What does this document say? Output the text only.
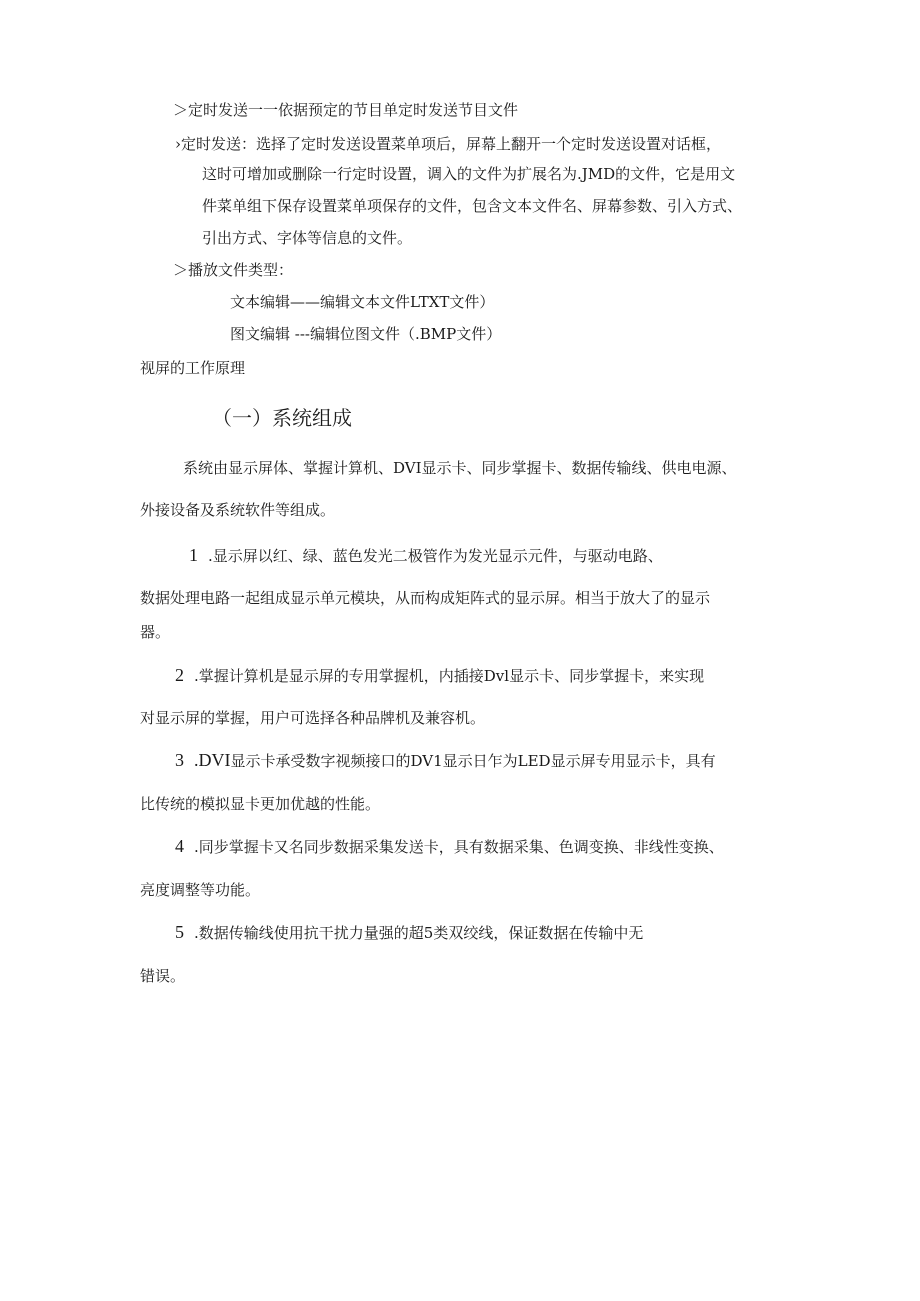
＞定时发送一一依据预定的节目单定时发送节目文件
›定时发送：选择了定时发送设置菜单项后，屏幕上翻开一个定时发送设置对话框，
这时可增加或删除一行定时设置，调入的文件为扩展名为.JMD的文件，它是用文
件菜单组下保存设置菜单项保存的文件，包含文本文件名、屏幕参数、引入方式、
引出方式、字体等信息的文件。
＞播放文件类型：
文本编辑——编辑文本文件LTXT文件）
图文编辑 ---编辑位图文件（.BMP文件）
视屏的工作原理
（一）系统组成
系统由显示屏体、掌握计算机、DVI显示卡、同步掌握卡、数据传输线、供电电源、
外接设备及系统软件等组成。
1 .显示屏以红、绿、蓝色发光二极管作为发光显示元件，与驱动电路、
数据处理电路一起组成显示单元模块，从而构成矩阵式的显示屏。相当于放大了的显示
器。
2 .掌握计算机是显示屏的专用掌握机，内插接Dvl显示卡、同步掌握卡，来实现
对显示屏的掌握，用户可选择各种品牌机及兼容机。
3 .DVI显示卡承受数字视频接口的DV1显示日乍为LED显示屏专用显示卡，具有
比传统的模拟显卡更加优越的性能。
4 .同步掌握卡又名同步数据采集发送卡，具有数据采集、色调变换、非线性变换、
亮度调整等功能。
5 .数据传输线使用抗干扰力量强的超5类双绞线，保证数据在传输中无
错误。
